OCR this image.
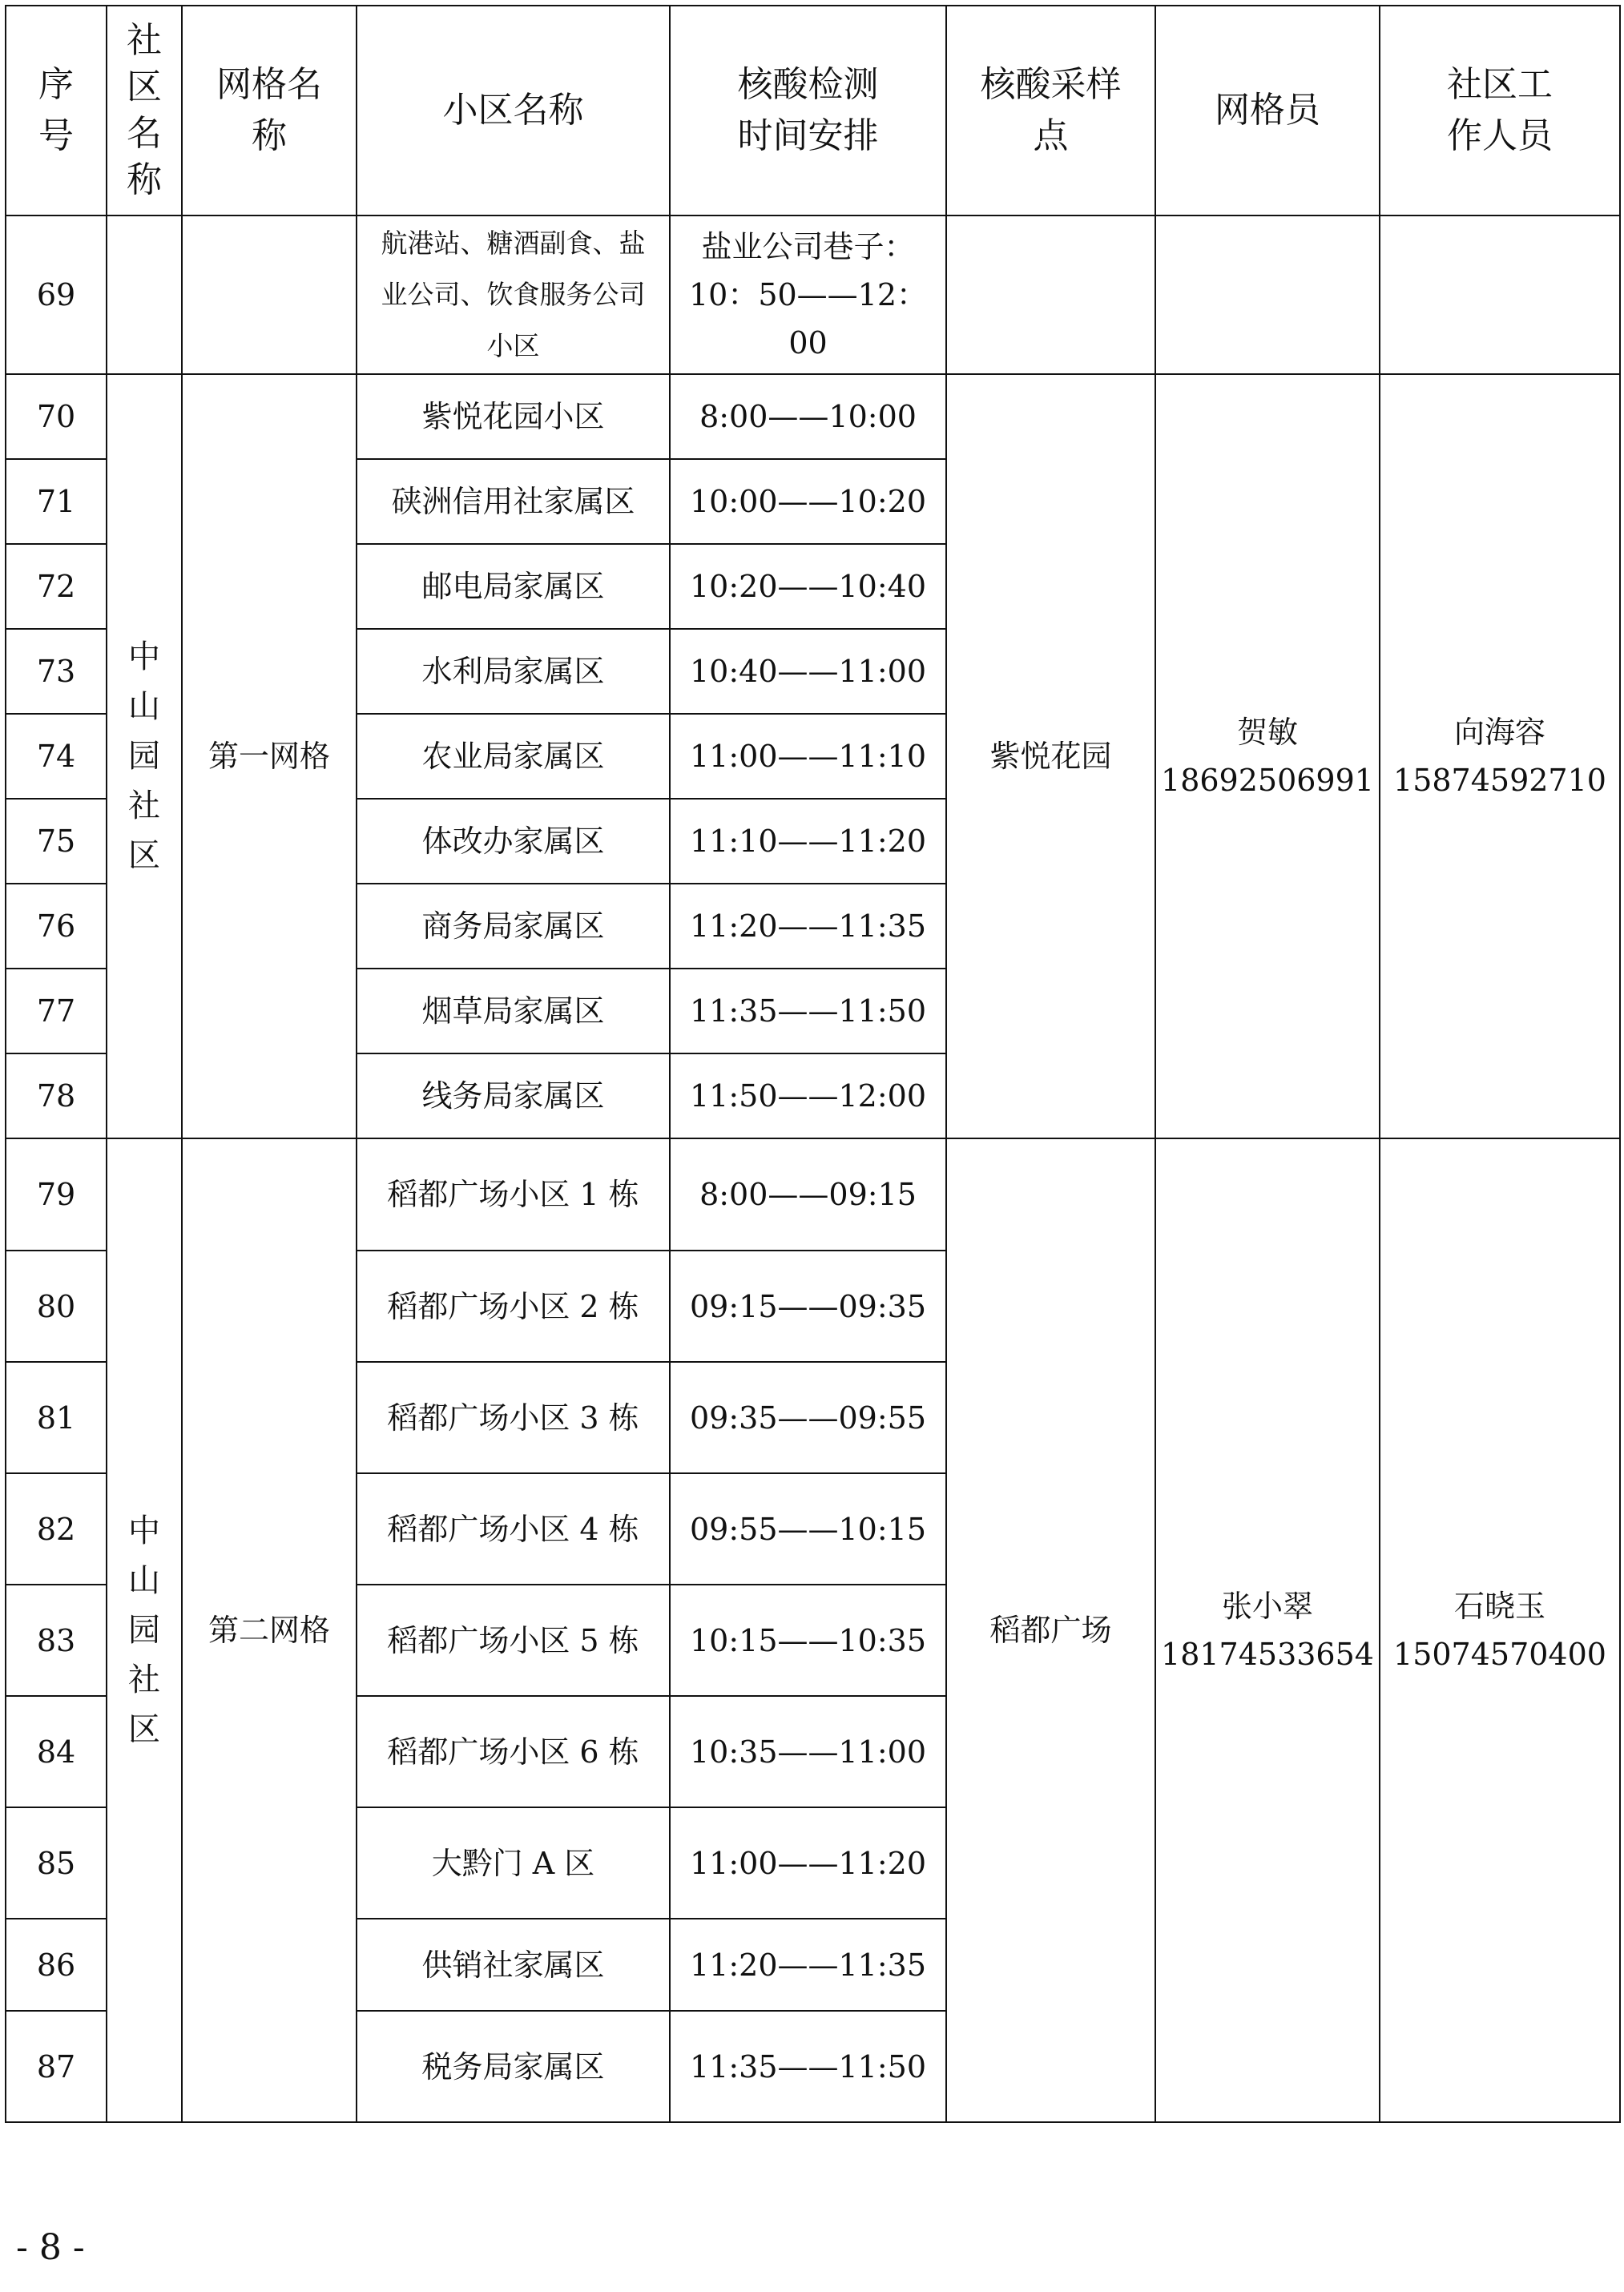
序
号	社
区
名
称	网格名
称	小区名称	核酸检测
时间安排	核酸采样
点	网格员	社区工
作人员
69			航港站、糖酒副食、盐
业公司、饮食服务公司
小区	盐业公司巷子：
10：50——12：
00			
70	中
山
园
社
区	第一网格	紫悦花园小区	8:00——10:00	紫悦花园	贺敏
18692506991	向海容
15874592710
71			硖洲信用社家属区	10:00——10:20			
72			邮电局家属区	10:20——10:40			
73			水利局家属区	10:40——11:00			
74			农业局家属区	11:00——11:10			
75			体改办家属区	11:10——11:20			
76			商务局家属区	11:20——11:35			
77			烟草局家属区	11:35——11:50			
78			线务局家属区	11:50——12:00			
79	中
山
园
社
区	第二网格	稻都广场小区 1 栋	8:00——09:15	稻都广场	张小翠
18174533654	石晓玉
15074570400
80			稻都广场小区 2 栋	09:15——09:35			
81			稻都广场小区 3 栋	09:35——09:55			
82			稻都广场小区 4 栋	09:55——10:15			
83			稻都广场小区 5 栋	10:15——10:35			
84			稻都广场小区 6 栋	10:35——11:00			
85			大黔门 A 区	11:00——11:20			
86			供销社家属区	11:20——11:35			
87			税务局家属区	11:35——11:50			
- 8 -
